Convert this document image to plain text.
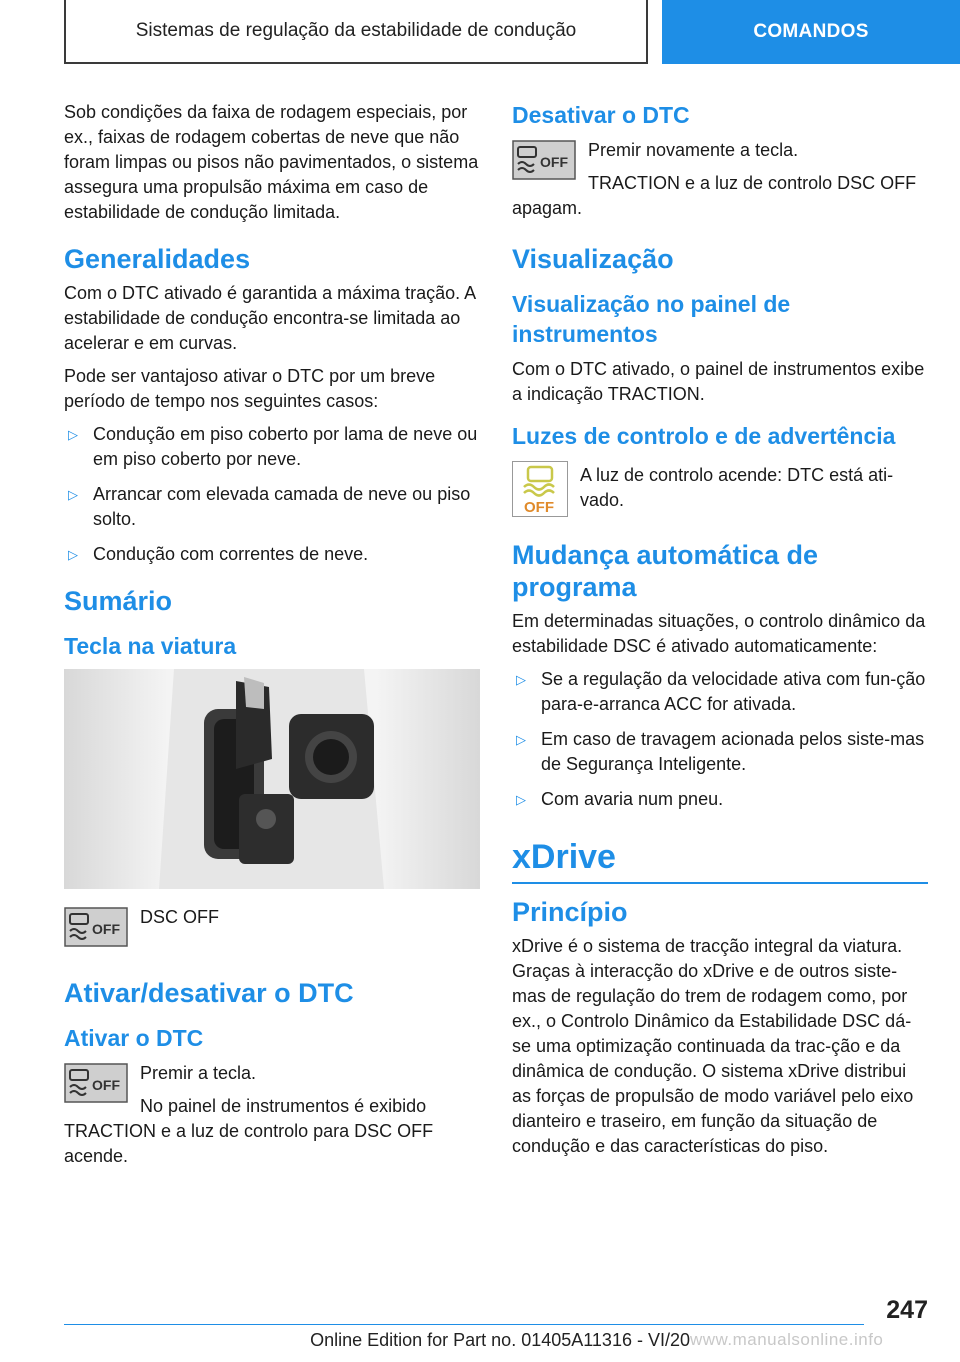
Sistemas de regulação da estabilidade de condução	COMANDOS

Sob condições da faixa de rodagem especiais, por ex., faixas de rodagem cobertas de neve que não foram limpas ou pisos não pavimentados, o sistema assegura uma propulsão máxima em caso de estabilidade de condução limitada.

Generalidades

Com o DTC ativado é garantida a máxima tração. A estabilidade de condução encontra-se limitada ao acelerar e em curvas.

Pode ser vantajoso ativar o DTC por um breve período de tempo nos seguintes casos:

▷ Condução em piso coberto por lama de neve ou em piso coberto por neve.
▷ Arrancar com elevada camada de neve ou piso solto.
▷ Condução com correntes de neve.
Sumário
Tecla na viatura
OFF

DSC OFF

Ativar/desativar o DTC
Ativar o DTC
OFF

Premir a tecla.

No painel de instrumentos é exibido TRACTION e a luz de controlo para DSC OFF acende.

Desativar o DTC
OFF

Premir novamente a tecla.

TRACTION e a luz de controlo DSC OFF apagam.

Visualização
Visualização no painel de instrumentos

Com o DTC ativado, o painel de instrumentos exibe a indicação TRACTION.

Luzes de controlo e de advertência
OFF

A luz de controlo acende: DTC está ati‐vado.

Mudança automática de programa

Em determinadas situações, o controlo dinâmico da estabilidade DSC é ativado automaticamente:

▷ Se a regulação da velocidade ativa com fun‐ção para-e-arranca ACC for ativada.
▷ Em caso de travagem acionada pelos siste‐mas de Segurança Inteligente.
▷ Com avaria num pneu.
xDrive
Princípio

xDrive é o sistema de tracção integral da viatura. Graças à interacção do xDrive e de outros siste‐mas de regulação do trem de rodagem como, por ex., o Controlo Dinâmico da Estabilidade DSC dá-se uma optimização continuada da trac‐ção e da dinâmica de condução. O sistema xDrive distribui as forças de propulsão de modo variável pelo eixo dianteiro e traseiro, em função da situação de condução e das características do piso.

247
Online Edition for Part no. 01405A11316 - VI/20 www.manualsonline.info
